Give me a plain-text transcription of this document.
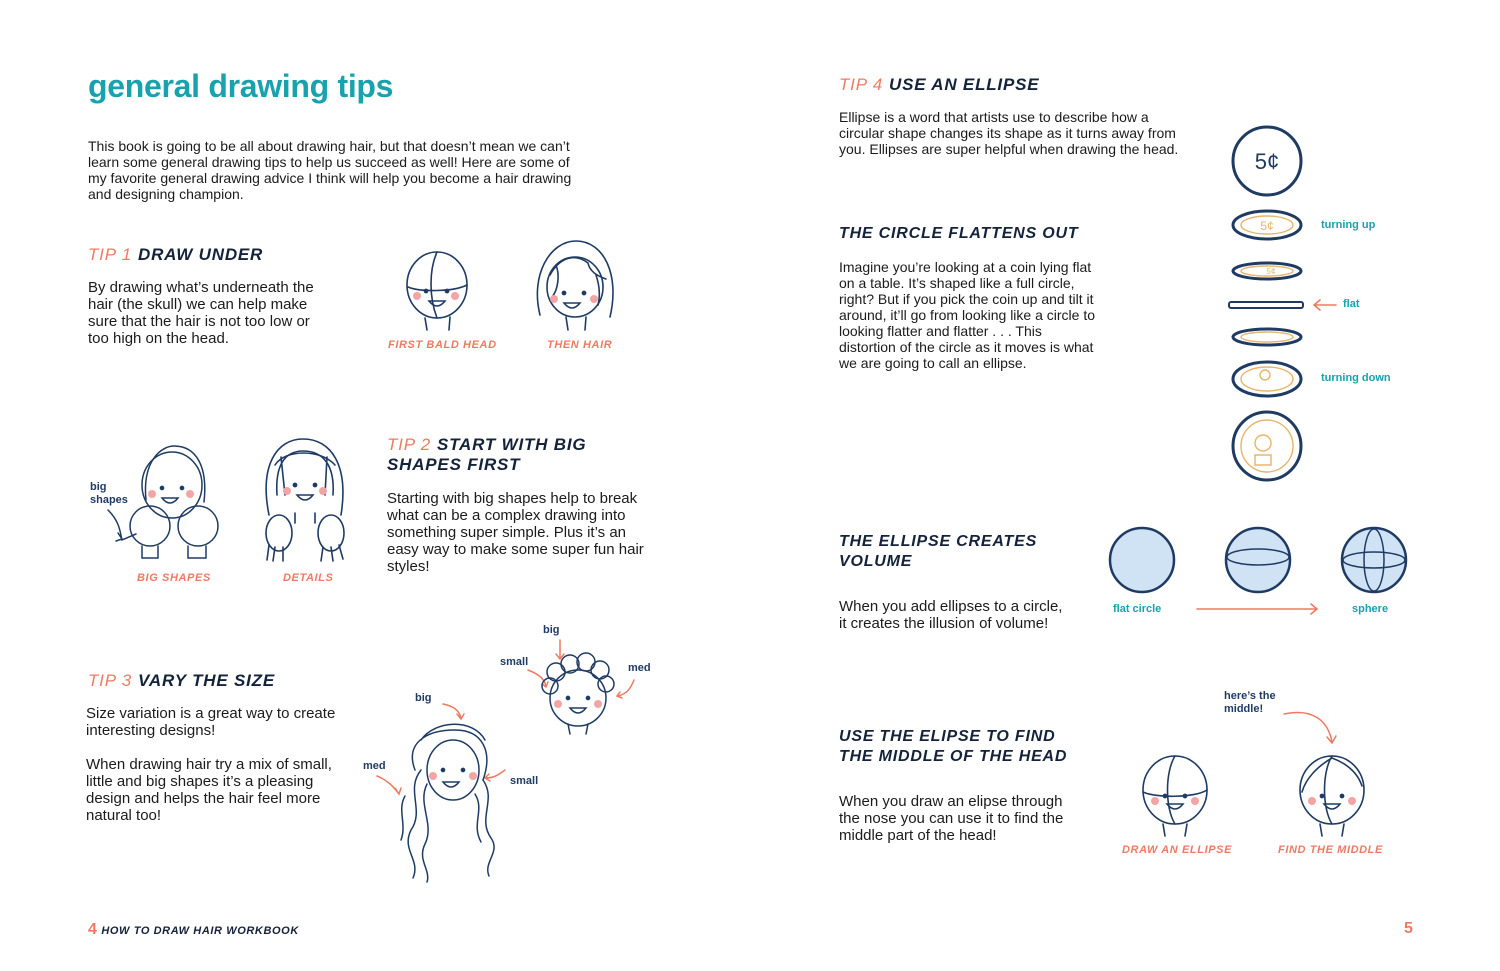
general drawing tips
This book is going to be all about drawing hair, but that doesn’t mean we can’t learn some general drawing tips to help us succeed as well! Here are some of my favorite general drawing advice I think will help you become a hair drawing and designing champion.
TIP 1 DRAW UNDER
By drawing what’s underneath the hair (the skull) we can help make sure that the hair is not too low or too high on the head.	FIRST BALD HEAD	THEN HAIR
big
shapes
BIG SHAPES	DETAILS
TIP 2 START WITH BIG SHAPES FIRST
Starting with big shapes help to break what can be a complex drawing into something super simple. Plus it’s an easy way to make some super fun hair styles!
TIP 3 VARY THE SIZE
Size variation is a great way to create interesting designs!
When drawing hair try a mix of small, little and big shapes it’s a pleasing design and helps the hair feel more natural too!
big
small	med
big
med
small
4 HOW TO DRAW HAIR WORKBOOK
TIP 4 USE AN ELLIPSE
Ellipse is a word that artists use to describe how a circular shape changes its shape as it turns away from you. Ellipses are super helpful when drawing the head.
THE CIRCLE FLATTENS OUT
Imagine you’re looking at a coin lying flat on a table. It’s shaped like a full circle, right? But if you pick the coin up and tilt it around, it’ll go from looking like a circle to looking flatter and flatter . . . This distortion of the circle as it moves is what we are going to call an ellipse.
5¢
5¢
5¢
turning up
flat
turning down
THE ELLIPSE CREATES VOLUME
When you add ellipses to a circle, it creates the illusion of volume!
flat circle	sphere
USE THE ELIPSE TO FIND THE MIDDLE OF THE HEAD
When you draw an elipse through the nose you can use it to find the middle part of the head!
here’s the
middle!
DRAW AN ELLIPSE	FIND THE MIDDLE
5
